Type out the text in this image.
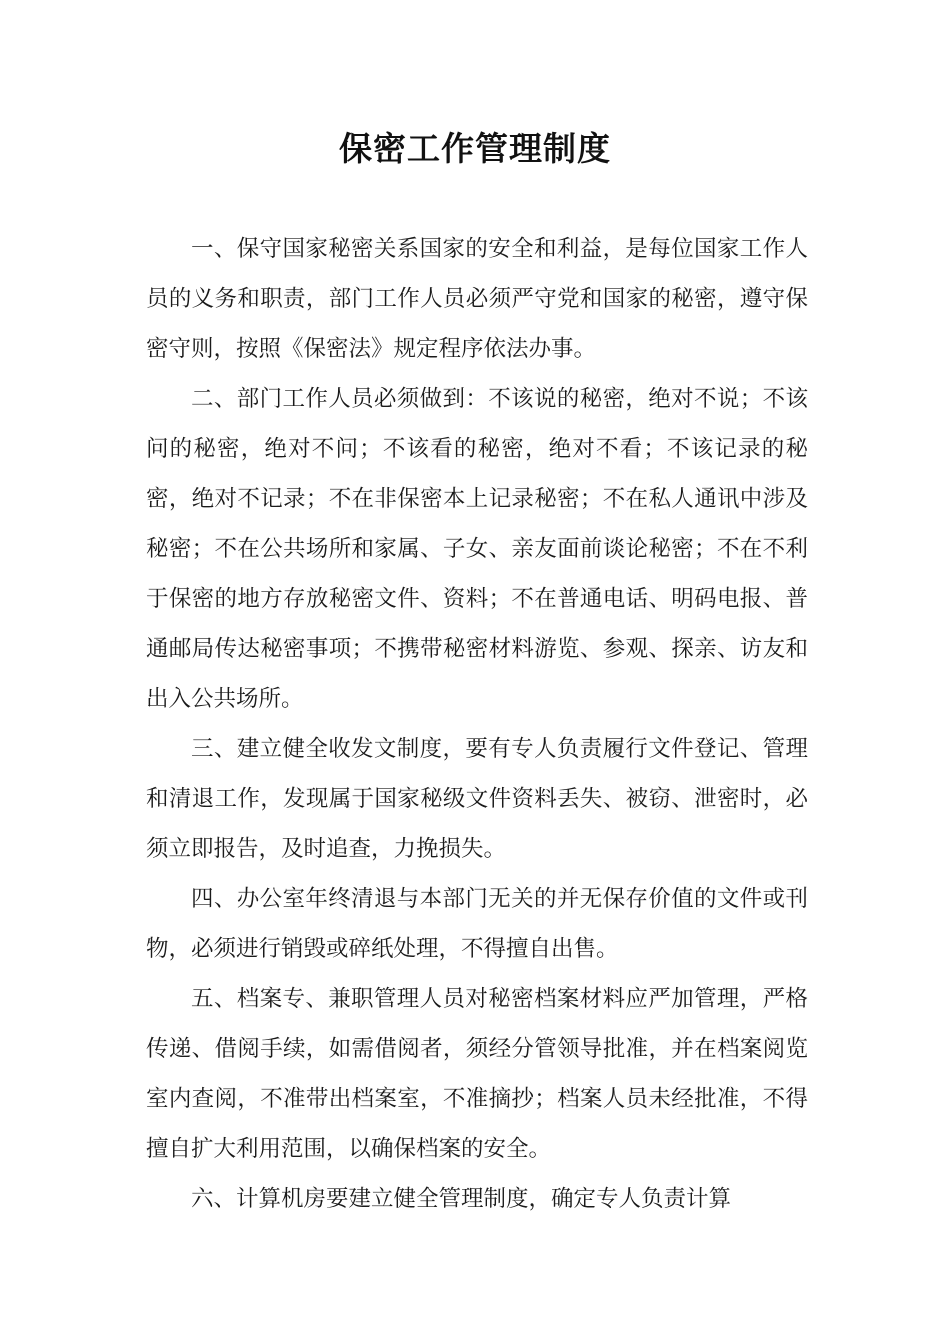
保密工作管理制度

一、保守国家秘密关系国家的安全和利益，是每位国家工作人员的义务和职责，部门工作人员必须严守党和国家的秘密，遵守保密守则，按照《保密法》规定程序依法办事。

二、部门工作人员必须做到：不该说的秘密，绝对不说；不该问的秘密，绝对不问；不该看的秘密，绝对不看；不该记录的秘密，绝对不记录；不在非保密本上记录秘密；不在私人通讯中涉及秘密；不在公共场所和家属、子女、亲友面前谈论秘密；不在不利于保密的地方存放秘密文件、资料；不在普通电话、明码电报、普通邮局传达秘密事项；不携带秘密材料游览、参观、探亲、访友和出入公共场所。

三、建立健全收发文制度，要有专人负责履行文件登记、管理和清退工作，发现属于国家秘级文件资料丢失、被窃、泄密时，必须立即报告，及时追查，力挽损失。

四、办公室年终清退与本部门无关的并无保存价值的文件或刊物，必须进行销毁或碎纸处理，不得擅自出售。

五、档案专、兼职管理人员对秘密档案材料应严加管理，严格传递、借阅手续，如需借阅者，须经分管领导批准，并在档案阅览室内查阅，不准带出档案室，不准摘抄；档案人员未经批准，不得擅自扩大利用范围，以确保档案的安全。

六、计算机房要建立健全管理制度，确定专人负责计算
